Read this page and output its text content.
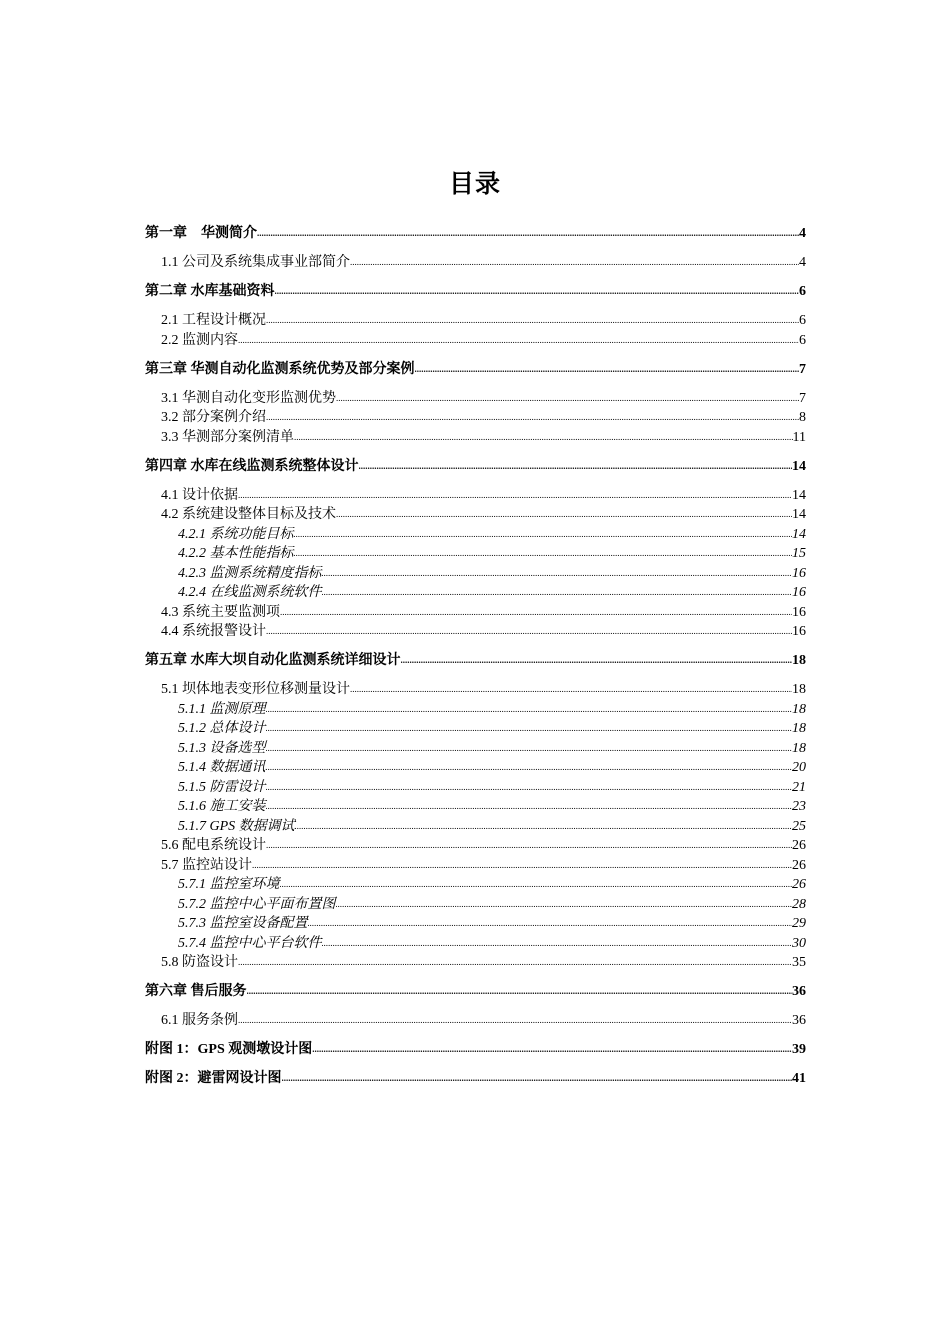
目录
第一章　华测简介 .....	4
1.1 公司及系统集成事业部简介 .....	4
第二章 水库基础资料 .....	6
2.1 工程设计概况 .....	6
2.2 监测内容 .....	6
第三章 华测自动化监测系统优势及部分案例 .....	7
3.1 华测自动化变形监测优势 .....	7
3.2 部分案例介绍 .....	8
3.3 华测部分案例清单 .....	11
第四章 水库在线监测系统整体设计 .....	14
4.1 设计依据 .....	14
4.2 系统建设整体目标及技术 .....	14
4.2.1 系统功能目标 .....	14
4.2.2 基本性能指标 .....	15
4.2.3 监测系统精度指标 .....	16
4.2.4 在线监测系统软件 .....	16
4.3 系统主要监测项 .....	16
4.4 系统报警设计 .....	16
第五章 水库大坝自动化监测系统详细设计 .....	18
5.1 坝体地表变形位移测量设计 .....	18
5.1.1 监测原理 .....	18
5.1.2 总体设计 .....	18
5.1.3 设备选型 .....	18
5.1.4 数据通讯 .....	20
5.1.5 防雷设计 .....	21
5.1.6 施工安装 .....	23
5.1.7 GPS 数据调试 .....	25
5.6 配电系统设计 .....	26
5.7 监控站设计 .....	26
5.7.1 监控室环境 .....	26
5.7.2 监控中心平面布置图 .....	28
5.7.3 监控室设备配置 .....	29
5.7.4 监控中心平台软件 .....	30
5.8 防盗设计 .....	35
第六章 售后服务 .....	36
6.1 服务条例 .....	36
附图 1：GPS 观测墩设计图 .....	39
附图 2：避雷网设计图 .....	41
